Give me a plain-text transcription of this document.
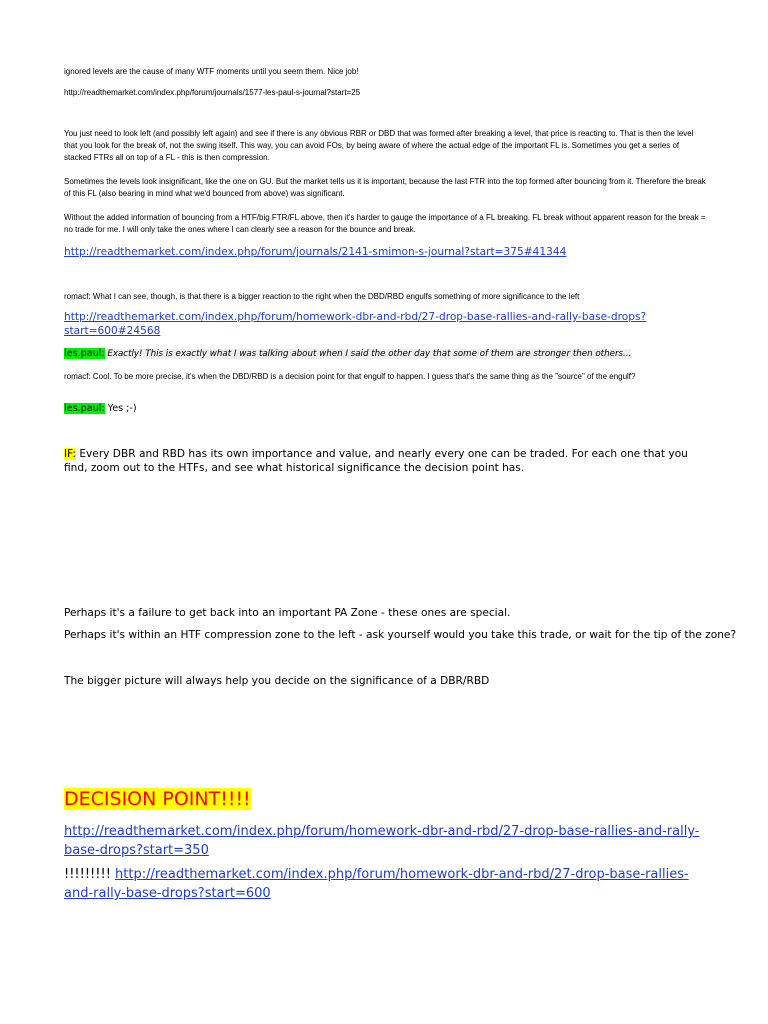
ignored levels are the cause of many WTF moments until you seem them. Nice job!

http://readthemarket.com/index.php/forum/journals/1577-les-paul-s-journal?start=25

You just need to look left (and possibly left again) and see if there is any obvious RBR or DBD that was formed after breaking a level, that price is reacting to. That is then the level that you look for the break of, not the swing itself. This way, you can avoid FOs, by being aware of where the actual edge of the important FL is. Sometimes you get a series of stacked FTRs all on top of a FL - this is then compression.

Sometimes the levels look insignificant, like the one on GU. But the market tells us it is important, because the last FTR into the top formed after bouncing from it. Therefore the break of this FL (also bearing in mind what we'd bounced from above) was significant.

Without the added information of bouncing from a HTF/big FTR/FL above, then it's harder to gauge the importance of a FL breaking. FL break without apparent reason for the break = no trade for me. I will only take the ones where I can clearly see a reason for the bounce and break.

http://readthemarket.com/index.php/forum/journals/2141-smimon-s-journal?start=375#41344

romacf: What I can see, though, is that there is a bigger reaction to the right when the DBD/RBD engulfs something of more significance to the left

http://readthemarket.com/index.php/forum/homework-dbr-and-rbd/27-drop-base-rallies-and-rally-base-drops?start=600#24568

les.paul: Exactly! This is exactly what I was talking about when I said the other day that some of them are stronger then others...

romacf: Cool. To be more precise, it's when the DBD/RBD is a decision point for that engulf to happen. I guess that's the same thing as the "source" of the engulf?

les.paul: Yes ;-)

IF: Every DBR and RBD has its own importance and value, and nearly every one can be traded. For each one that you find, zoom out to the HTFs, and see what historical significance the decision point has.

Perhaps it's a failure to get back into an important PA Zone - these ones are special.

Perhaps it's within an HTF compression zone to the left - ask yourself would you take this trade, or wait for the tip of the zone?

The bigger picture will always help you decide on the significance of a DBR/RBD

DECISION POINT!!!!

http://readthemarket.com/index.php/forum/homework-dbr-and-rbd/27-drop-base-rallies-and-rally-base-drops?start=350

!!!!!!!!! http://readthemarket.com/index.php/forum/homework-dbr-and-rbd/27-drop-base-rallies-and-rally-base-drops?start=600
